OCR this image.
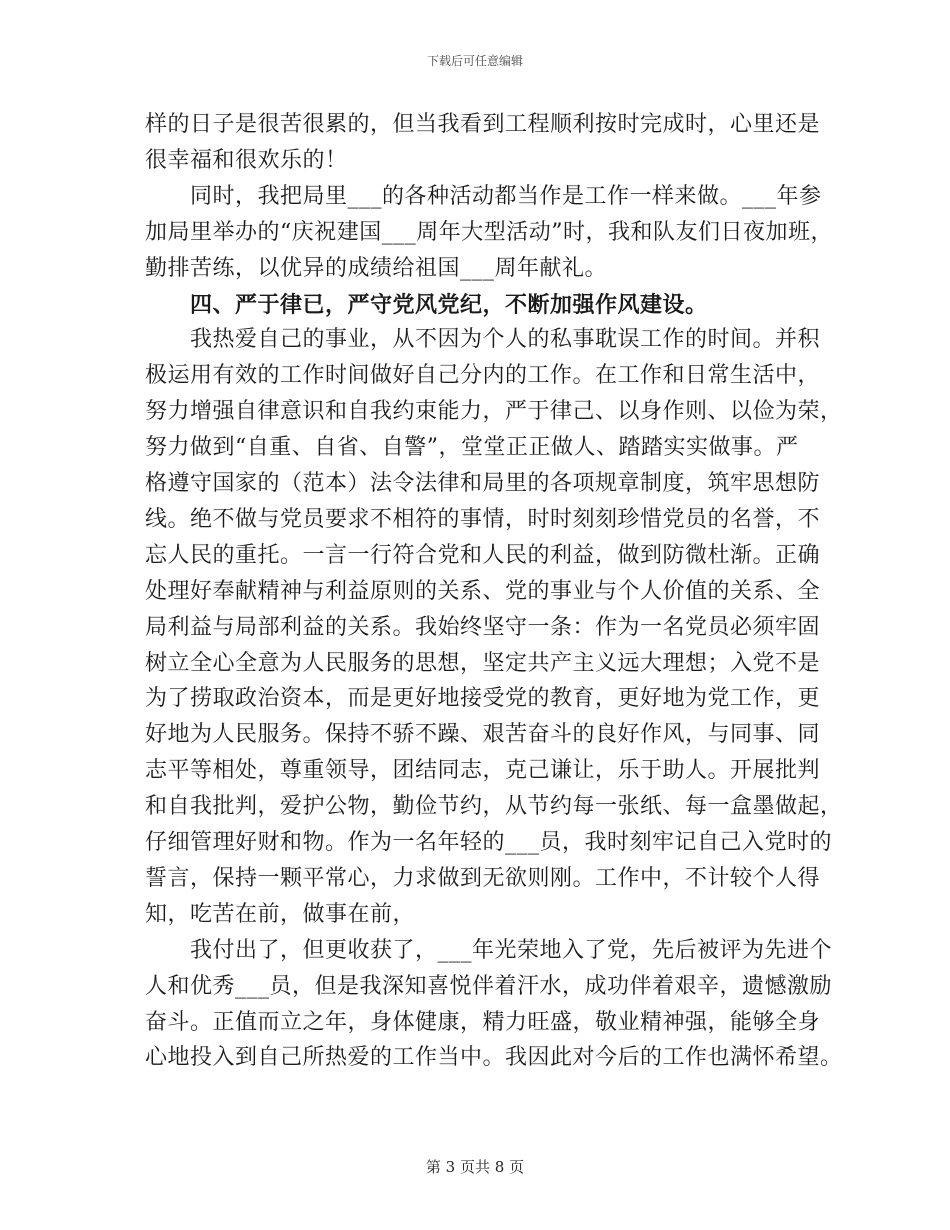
下载后可任意编辑
样的日子是很苦很累的，但当我看到工程顺利按时完成时，心里还是
很幸福和很欢乐的！
同时，我把局里___的各种活动都当作是工作一样来做。___年参
加局里举办的“庆祝建国___周年大型活动”时，我和队友们日夜加班，
勤排苦练，以优异的成绩给祖国___周年献礼。
四、严于律已，严守党风党纪，不断加强作风建设。
我热爱自己的事业，从不因为个人的私事耽误工作的时间。并积
极运用有效的工作时间做好自己分内的工作。在工作和日常生活中，
努力增强自律意识和自我约束能力，严于律己、以身作则、以俭为荣，
努力做到“自重、自省、自警”，堂堂正正做人、踏踏实实做事。严
格遵守国家的（范本）法令法律和局里的各项规章制度，筑牢思想防
线。绝不做与党员要求不相符的事情，时时刻刻珍惜党员的名誉，不
忘人民的重托。一言一行符合党和人民的利益，做到防微杜渐。正确
处理好奉献精神与利益原则的关系、党的事业与个人价值的关系、全
局利益与局部利益的关系。我始终坚守一条：作为一名党员必须牢固
树立全心全意为人民服务的思想，坚定共产主义远大理想；入党不是
为了捞取政治资本，而是更好地接受党的教育，更好地为党工作，更
好地为人民服务。保持不骄不躁、艰苦奋斗的良好作风，与同事、同
志平等相处，尊重领导，团结同志，克己谦让，乐于助人。开展批判
和自我批判，爱护公物，勤俭节约，从节约每一张纸、每一盒墨做起，
仔细管理好财和物。作为一名年轻的___员，我时刻牢记自己入党时的
誓言，保持一颗平常心，力求做到无欲则刚。工作中，不计较个人得
知，吃苦在前，做事在前，
我付出了，但更收获了，___年光荣地入了党，先后被评为先进个
人和优秀___员，但是我深知喜悦伴着汗水，成功伴着艰辛，遗憾激励
奋斗。正值而立之年，身体健康，精力旺盛，敬业精神强，能够全身
心地投入到自己所热爱的工作当中。我因此对今后的工作也满怀希望。
第 3 页共 8 页
